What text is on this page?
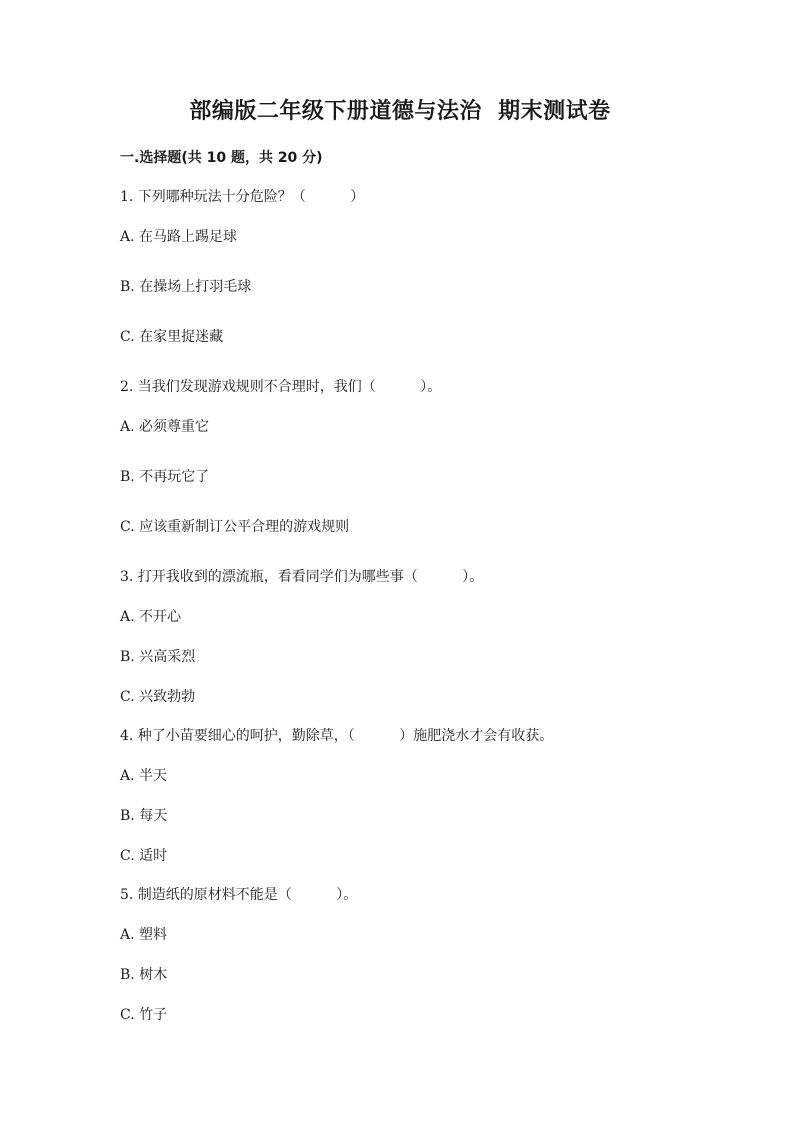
部编版二年级下册道德与法治  期末测试卷
一.选择题(共 10 题，共 20 分)
1. 下列哪种玩法十分危险？（          ）
A. 在马路上踢足球
B. 在操场上打羽毛球
C. 在家里捉迷藏
2. 当我们发现游戏规则不合理时，我们（          ）。
A. 必须尊重它
B. 不再玩它了
C. 应该重新制订公平合理的游戏规则
3. 打开我收到的漂流瓶，看看同学们为哪些事（          ）。
A. 不开心
B. 兴高采烈
C. 兴致勃勃
4. 种了小苗要细心的呵护，勤除草，（          ）施肥浇水才会有收获。
A. 半天
B. 每天
C. 适时
5. 制造纸的原材料不能是（          ）。
A. 塑料
B. 树木
C. 竹子
